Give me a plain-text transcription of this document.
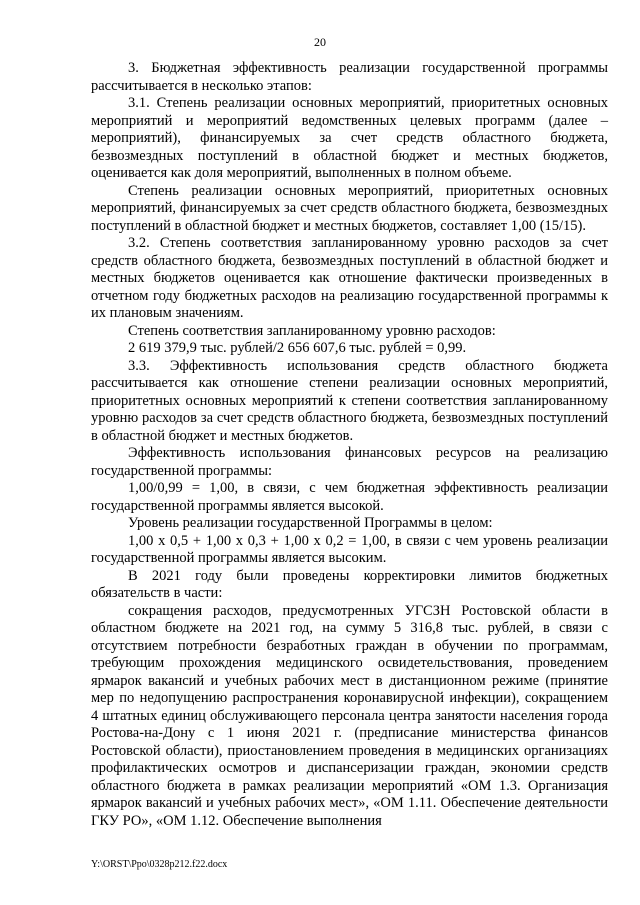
20

3. Бюджетная эффективность реализации государственной программы рассчитывается в несколько этапов:

3.1. Степень реализации основных мероприятий, приоритетных основных мероприятий и мероприятий ведомственных целевых программ (далее – мероприятий), финансируемых за счет средств областного бюджета, безвозмездных поступлений в областной бюджет и местных бюджетов, оценивается как доля мероприятий, выполненных в полном объеме.

Степень реализации основных мероприятий, приоритетных основных мероприятий, финансируемых за счет средств областного бюджета, безвозмездных поступлений в областной бюджет и местных бюджетов, составляет 1,00 (15/15).

3.2. Степень соответствия запланированному уровню расходов за счет средств областного бюджета, безвозмездных поступлений в областной бюджет и местных бюджетов оценивается как отношение фактически произведенных в отчетном году бюджетных расходов на реализацию государственной программы к их плановым значениям.

Степень соответствия запланированному уровню расходов:

2 619 379,9 тыс. рублей/2 656 607,6 тыс. рублей = 0,99.

3.3. Эффективность использования средств областного бюджета рассчитывается как отношение степени реализации основных мероприятий, приоритетных основных мероприятий к степени соответствия запланированному уровню расходов за счет средств областного бюджета, безвозмездных поступлений в областной бюджет и местных бюджетов.

Эффективность использования финансовых ресурсов на реализацию государственной программы:

1,00/0,99 = 1,00, в связи, с чем бюджетная эффективность реализации государственной программы является высокой.

Уровень реализации государственной Программы в целом:

1,00 х 0,5 + 1,00 х 0,3 + 1,00 х 0,2 = 1,00, в связи с чем уровень реализации государственной программы является высоким.

В 2021 году были проведены корректировки лимитов бюджетных обязательств в части:

сокращения расходов, предусмотренных УГСЗН Ростовской области в областном бюджете на 2021 год, на сумму 5 316,8 тыс. рублей, в связи с отсутствием потребности безработных граждан в обучении по программам, требующим прохождения медицинского освидетельствования, проведением ярмарок вакансий и учебных рабочих мест в дистанционном режиме (принятие мер по недопущению распространения коронавирусной инфекции), сокращением 4 штатных единиц обслуживающего персонала центра занятости населения города Ростова-на-Дону с 1 июня 2021 г. (предписание министерства финансов Ростовской области), приостановлением проведения в медицинских организациях профилактических осмотров и диспансеризации граждан, экономии средств областного бюджета в рамках реализации мероприятий «ОМ 1.3. Организация ярмарок вакансий и учебных рабочих мест», «ОМ 1.11. Обеспечение деятельности ГКУ РО», «ОМ 1.12. Обеспечение выполнения

Y:\ORST\Ppo\0328p212.f22.docx
